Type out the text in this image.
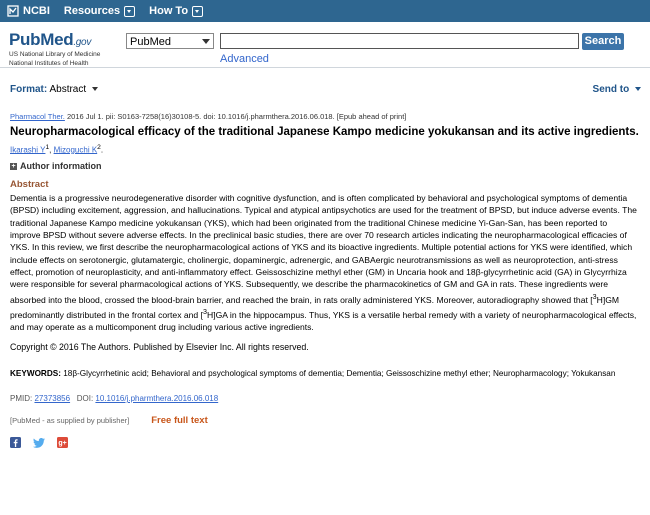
NCBI Resources	How To
PubMed.gov
US National Library of Medicine
National Institutes of Health
PubMed	Search
Advanced
Format: Abstract	Send to
Pharmacol Ther. 2016 Jul 1. pii: S0163-7258(16)30108-5. doi: 10.1016/j.pharmthera.2016.06.018. [Epub ahead of print]
Neuropharmacological efficacy of the traditional Japanese Kampo medicine yokukansan and its active ingredients.
Ikarashi $Y^1$, Mizoguchi $K^2$.
+ Author information
Abstract
Dementia is a progressive neurodegenerative disorder with cognitive dysfunction, and is often complicated by behavioral and psychological symptoms of dementia (BPSD) including excitement, aggression, and hallucinations. Typical and atypical antipsychotics are used for the treatment of BPSD, but induce adverse events. The traditional Japanese Kampo medicine yokukansan (YKS), which had been originated from the traditional Chinese medicine Yi-Gan-San, has been reported to improve BPSD without severe adverse effects. In the preclinical basic studies, there are over 70 research articles indicating the neuropharmacological efficacies of YKS. In this review, we first describe the neuropharmacological actions of YKS and its bioactive ingredients. Multiple potential actions for YKS were identified, which include effects on serotonergic, glutamatergic, cholinergic, dopaminergic, adrenergic, and GABAergic neurotransmissions as well as neuroprotection, anti-stress effect, promotion of neuroplasticity, and anti-inflammatory effect. Geissoschizine methyl ether (GM) in Uncaria hook and 18β-glycyrrhetinic acid (GA) in Glycyrrhiza were responsible for several pharmacological actions of YKS. Subsequently, we describe the pharmacokinetics of GM and GA in rats. These ingredients were absorbed into the blood, crossed the blood-brain barrier, and reached the brain, in rats orally administered YKS. Moreover, autoradiography showed that [$^3$H]GM predominantly distributed in the frontal cortex and [$^3$H]GA in the hippocampus. Thus, YKS is a versatile herbal remedy with a variety of neuropharmacological effects, and may operate as a multicomponent drug including various active ingredients.
Copyright © 2016 The Authors. Published by Elsevier Inc. All rights reserved.
KEYWORDS: 18β-Glycyrrhetinic acid; Behavioral and psychological symptoms of dementia; Dementia; Geissoschizine methyl ether; Neuropharmacology; Yokukansan
PMID: 27373856 DOI: 10.1016/j.pharmthera.2016.06.018
[PubMed - as supplied by publisher] Free full text
g+
